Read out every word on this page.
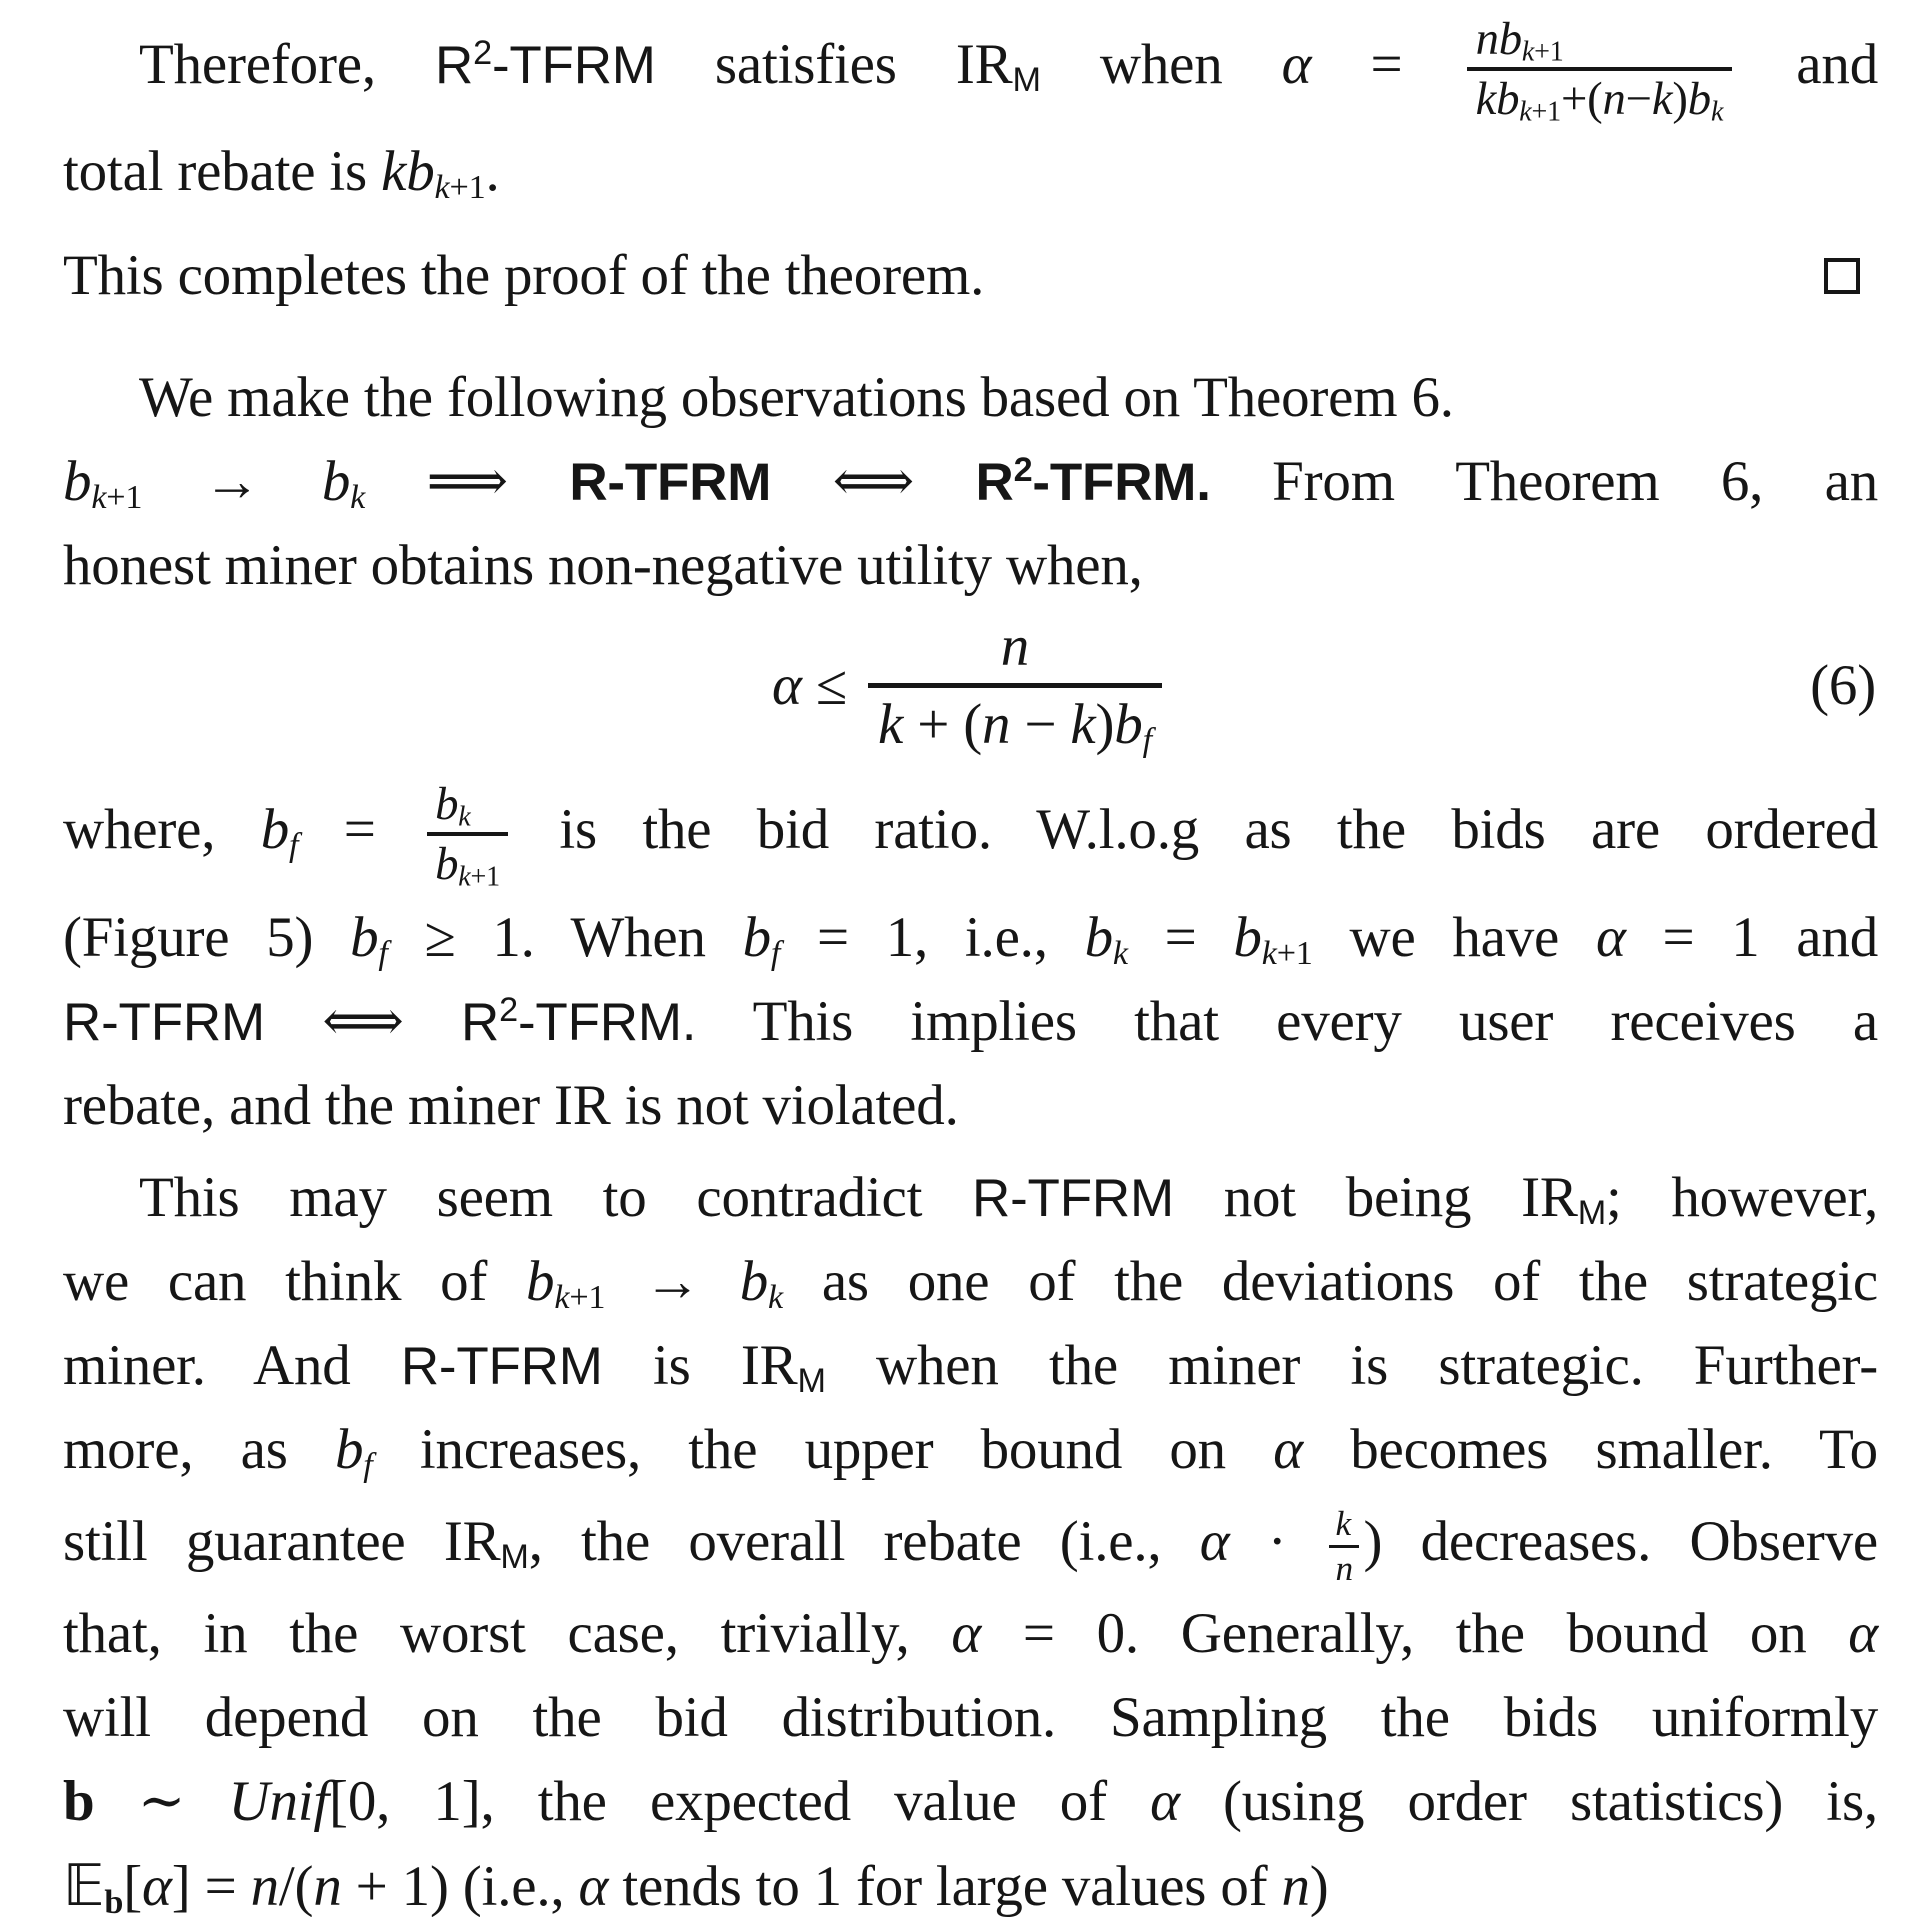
Therefore, $R^2$-TFRM satisfies IRM when $\alpha = \frac{\text{nbk+1}}{\text{kbk+1+(n−k)bk}}$ and
total rebate is kbk+1.
This completes the proof of the theorem.
We make the following observations based on Theorem 6.
bk+1 → bk ⟹ R-TFRM ⟺ $R^2$-TFRM. From Theorem 6, an
honest miner obtains non-negative utility when,
$\alpha \le \frac{n}{k + (n - k)bf}$	(6)
where, bf = $\frac{bk}{bk+1}$ is the bid ratio. W.l.o.g as the bids are ordered
(Figure 5) bf ≥ 1. When bf = 1, i.e., bk = bk+1 we have α = 1 and
R-TFRM ⟺ $R^2$-TFRM. This implies that every user receives a
rebate, and the miner IR is not violated.
This may seem to contradict R-TFRM not being IRM; however,
we can think of bk+1 → bk as one of the deviations of the strategic
miner. And R-TFRM is IRM when the miner is strategic. Further-
more, as bf increases, the upper bound on α becomes smaller. To
still guarantee IRM, the overall rebate (i.e., $\alpha \cdot \frac{k}{n}$ ) decreases. Observe
that, in the worst case, trivially, α = 0. Generally, the bound on α
will depend on the bid distribution. Sampling the bids uniformly
b ∼ Unif[0, 1], the expected value of α (using order statistics) is,
𝔼b[α] = n/(n + 1) (i.e., α tends to 1 for large values of n)
